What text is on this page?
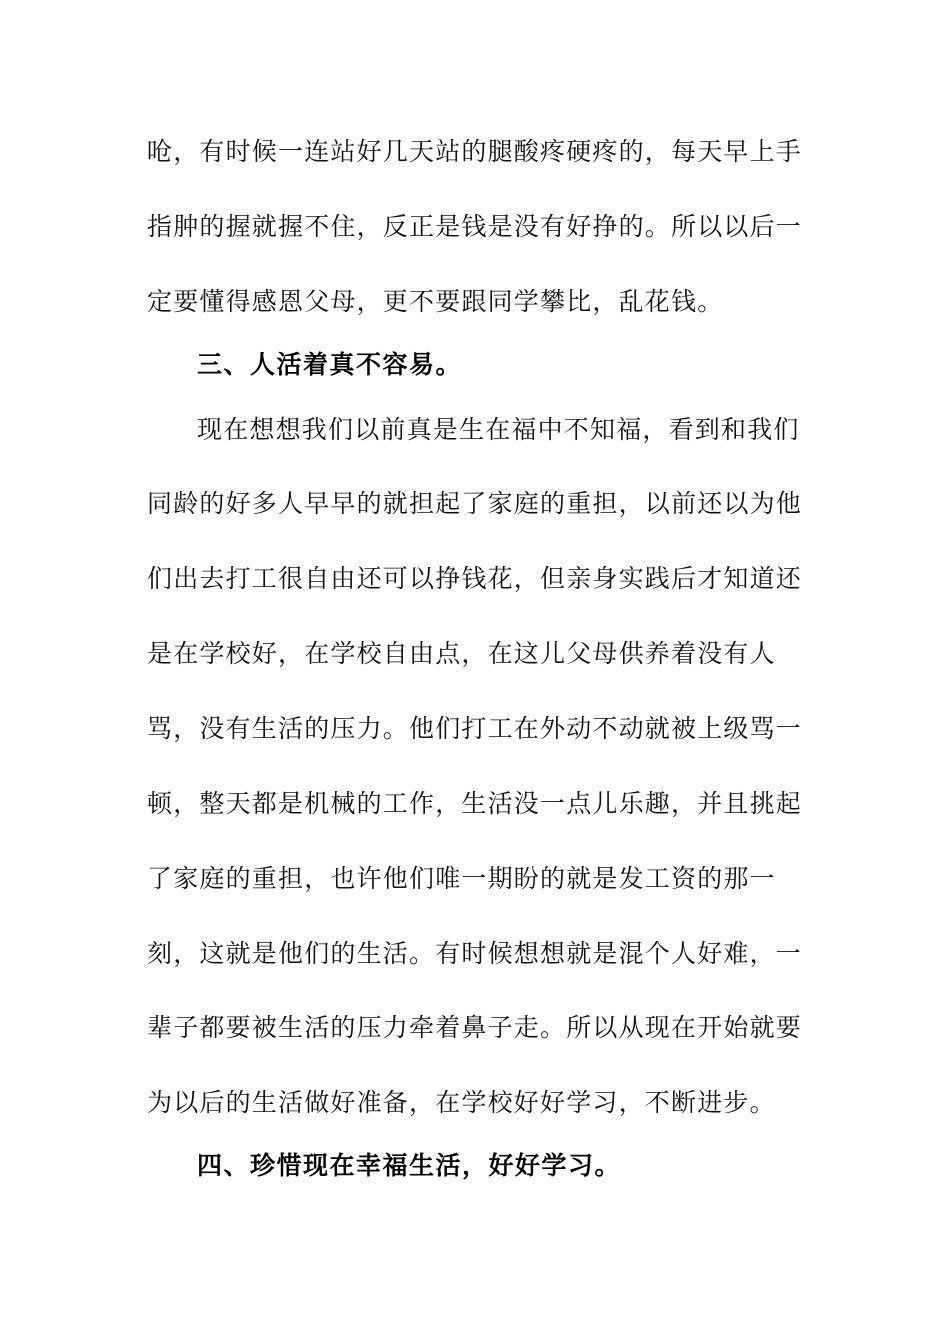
呛，有时候一连站好几天站的腿酸疼硬疼的，每天早上手
指肿的握就握不住，反正是钱是没有好挣的。所以以后一
定要懂得感恩父母，更不要跟同学攀比，乱花钱。
三、人活着真不容易。
现在想想我们以前真是生在福中不知福，看到和我们
同龄的好多人早早的就担起了家庭的重担，以前还以为他
们出去打工很自由还可以挣钱花，但亲身实践后才知道还
是在学校好，在学校自由点，在这儿父母供养着没有人
骂，没有生活的压力。他们打工在外动不动就被上级骂一
顿，整天都是机械的工作，生活没一点儿乐趣，并且挑起
了家庭的重担，也许他们唯一期盼的就是发工资的那一
刻，这就是他们的生活。有时候想想就是混个人好难，一
辈子都要被生活的压力牵着鼻子走。所以从现在开始就要
为以后的生活做好准备，在学校好好学习，不断进步。
四、珍惜现在幸福生活，好好学习。
